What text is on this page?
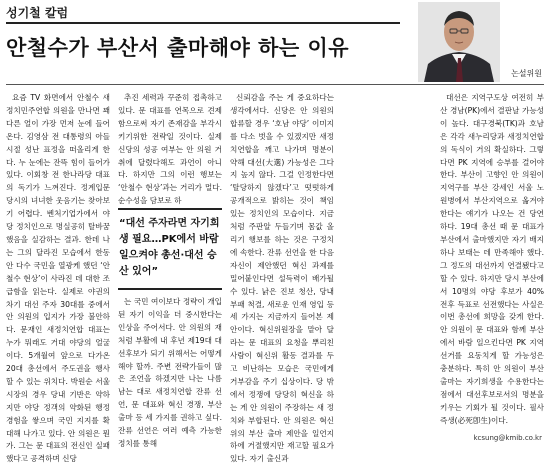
성기철 칼럼
안철수가 부산서 출마해야 하는 이유
논설위원

요즘 TV 화면에서 안철수 새정치민주연합 의원을 만나면 꽤 다른 얼이 가장 먼저 눈에 들어온다. 김영삼 전 대통령의 아들 시절 성난 표정을 떠올리게 한다. 누 눈에는 잔뜩 힘이 들어가 있다. 이회창 전 한나라당 대표의 독기가 느껴진다. 정계입문 당시의 녀녀한 웃음기는 찾아보기 어렵다. 벤처기업가에서 야당 정치인으로 명실공히 탈바꿈했음을 실감하는 결과. 한데 나는 그의 달라진 모습에서 한동안 다수 국민을 열광케 했던 ‘안철수 현상’이 사라진 데 대한 조급함을 읽는다. 실제로 야권의 차기 대선 주자 30대를 중에서 안 의원의 입지가 가장 불안하다. 문재인 새정치연합 대표는 누가 뭐래도 거대 야당의 얼굴이다. 5개월여 앞으로 다가온 20대 총선에서 주도권을 행사할 수 있는 위치다. 박원순 서울시장의 경우 당내 기반은 약하지만 야당 정객의 약화된 행정 경험을 쌓으며 국민 지지를 확대해 나가고 있다. 안 의원은 뭔가. 그는 문 대표의 전신인 실패했다고 공격하며 신당

추진 세력과 꾸준히 접촉하고 있다. 문 대표를 연목으로 견제함으로써 자기 존재감을 부각시키기위한 전략일 것이다. 실제 신당의 성공 여부는 안 의원 거취에 달렸다해도 과언이 아니다. 하지만 그의 이런 행보는 ‘안철수 현상’과는 거리가 멀다. 순수성을 담보로 하

“대선 주자라면 자기희생 필요…PK에서 바람 일으켜야 총선·대선 승산 있어”

는 국민 여이보다 정략이 개입된 자기 이익을 더 중시한다는 인상을 주어서다. 안 의원의 재처럼 부활에 내 후년 제19대 대선후보가 되기 위해서는 어떻게 해야 할까. 주변 전략가들이 많은 조언을 하겠지만 나는 나름 남는 대로 새정치연합 잔류 선언, 문 대표와 혁신 경쟁, 부산 출마 등 세 가지를 권하고 싶다. 잔류 선언은 여러 예측 가능한 정치를 통해

신뢰감을 주는 게 중요하다는 생각에서다. 신당은 안 의원의 합류할 경우 ‘호남 야당’ 이미지를 다소 벗을 수 있겠지만 새정치연합을 깨고 나가며 명분이 약해 대선(大選) 가능성은 그다지 높지 않다. 그걸 인정한다면 ‘탈당하지 않겠다’고 떳떳하게 공개적으로 밝히는 것이 책임 있는 정치인의 모습이다. 지금처럼 주판알 두들기며 몸값 올리기 행보를 하는 것은 구정치에 속한다. 잔류 선언을 한 다음 자신이 제안했던 혁신 과제를 밀어붙인다면 설득력이 배가될 수 있다. 낡은 진보 청산, 당내 부패 척결, 새로운 인재 영입 등 세 가지는 지금까지 들어본 제안이다. 혁신위원장을 맡아 달라는 문 대표의 요청을 뿌리친 사람이 혁신위 활동 결과를 두고 비난하는 모습은 국민에게 거부감을 주기 십상이다. 당 밖에서 정쟁에 당당히 혁신을 하는 게 안 의원이 주장하는 새 정치와 부합된다. 안 의원은 혁신위의 부산 출마 제안을 일언지하에 거절했지만 재고할 필요가 있다. 자기 출신과

대선은 지역구도상 여전히 부산 경남(PK)에서 결판날 가능성이 높다. 대구경북(TK)과 호남은 각각 새누리당과 새정치연합의 독식이 거의 확실하다. 그렇다면 PK 지역에 승부를 걸어야 한다. 부산이 고향인 안 의원이 지역구를 부산 강세인 서울 노원병에서 부산지역으로 옮겨야 한다는 얘기가 나오는 건 당연하다. 19대 총선 때 문 대표가 부산에서 출마했지만 자기 배지 하나 보태는 데 만족해야 했다. 그 정도의 대선까지 연결됐다고 할 수 있다. 하지만 당시 부산에서 10명의 야당 후보가 40% 전후 득표로 선전했다는 사실은 이번 총선에 희망을 갖게 한다. 안 의원이 문 대표와 함께 부산에서 바람 일으킨다면 PK 지역 선거를 요동치게 할 가능성은 충분하다. 특히 안 의원이 부산 출마는 자기희생을 수용한다는 점에서 대선후보로서의 명분을 키우는 기회가 될 것이다. 필사즉생(必死卽生)이다.

kcsung@kmib.co.kr
